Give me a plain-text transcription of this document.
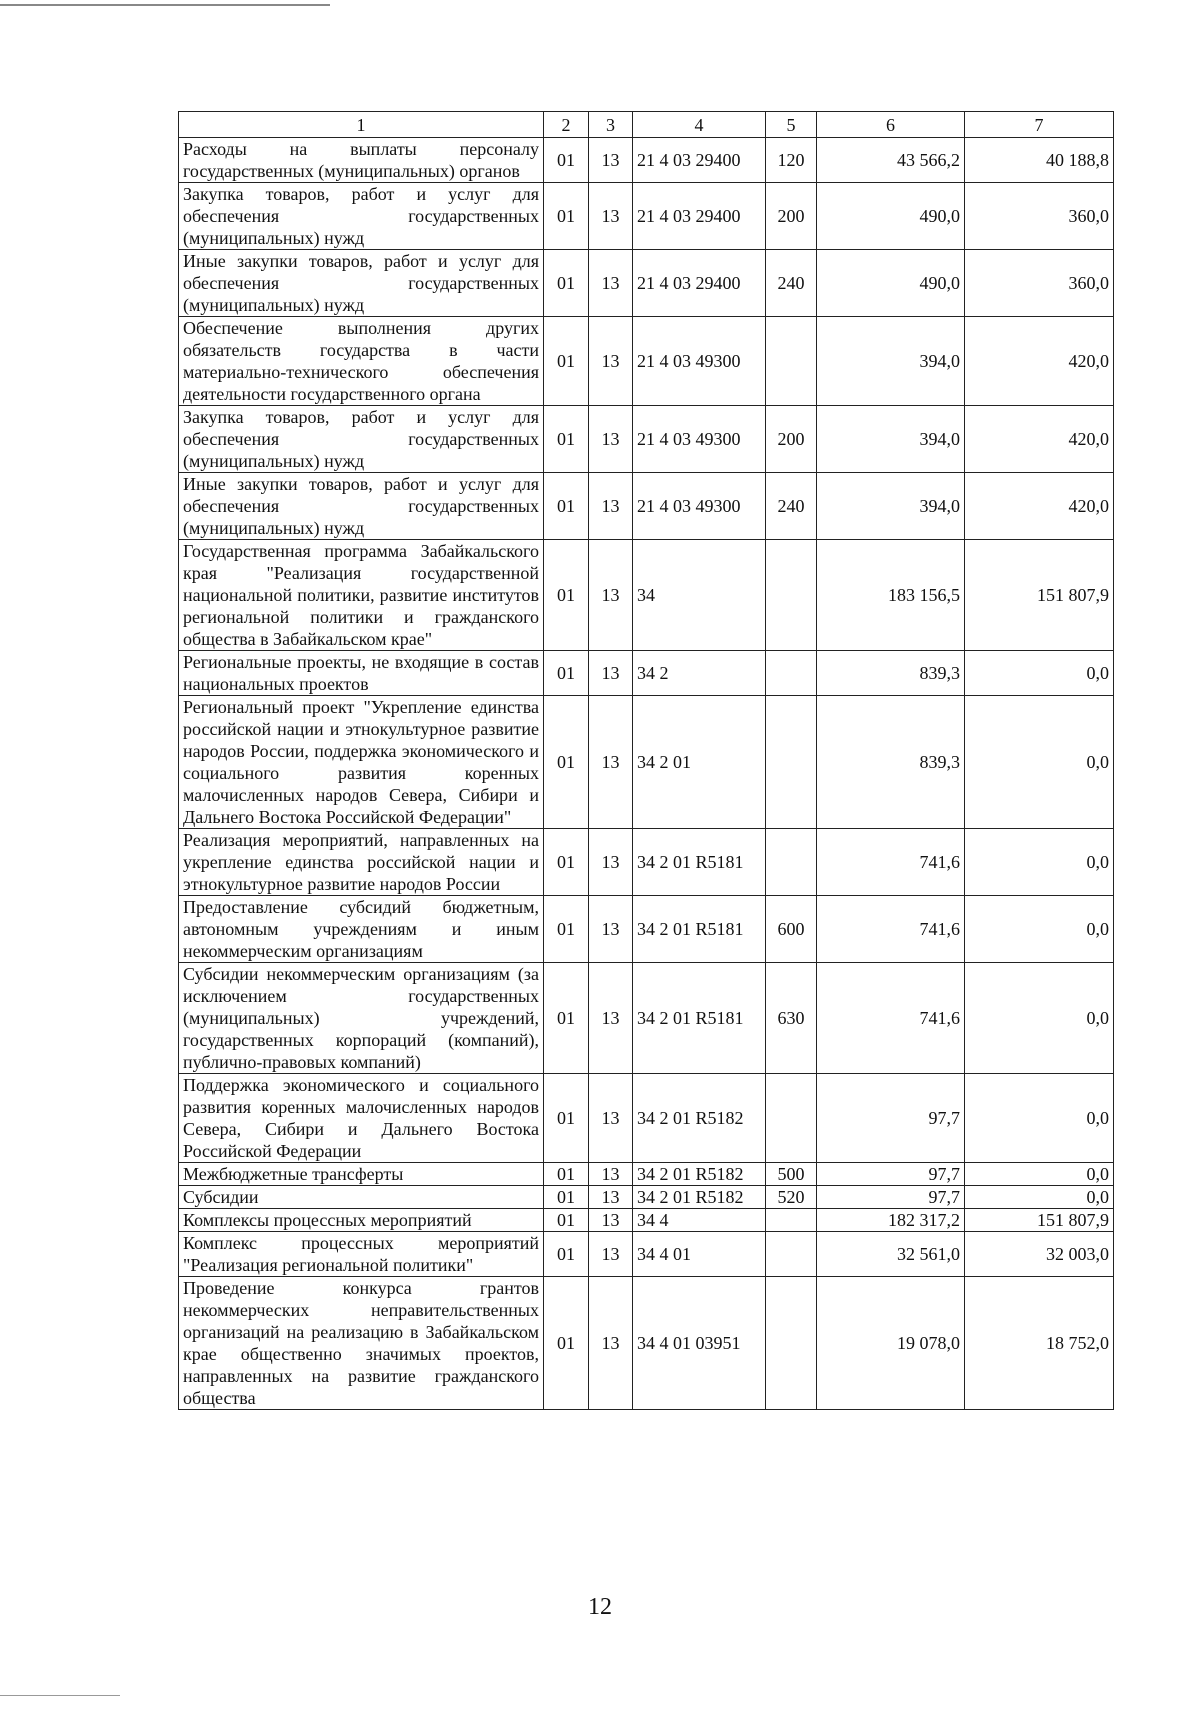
1	2	3	4	5	6	7
Расходы на выплаты персоналу государственных (муниципальных) органов	01	13	21 4 03 29400	120	43 566,2	40 188,8
Закупка товаров, работ и услуг для обеспечения государственных (муниципальных) нужд	01	13	21 4 03 29400	200	490,0	360,0
Иные закупки товаров, работ и услуг для обеспечения государственных (муниципальных) нужд	01	13	21 4 03 29400	240	490,0	360,0
Обеспечение выполнения других обязательств государства в части материально-технического обеспечения деятельности государственного органа	01	13	21 4 03 49300		394,0	420,0
Закупка товаров, работ и услуг для обеспечения государственных (муниципальных) нужд	01	13	21 4 03 49300	200	394,0	420,0
Иные закупки товаров, работ и услуг для обеспечения государственных (муниципальных) нужд	01	13	21 4 03 49300	240	394,0	420,0
Государственная программа Забайкальского края "Реализация государственной национальной политики, развитие институтов региональной политики и гражданского общества в Забайкальском крае"	01	13	34		183 156,5	151 807,9
Региональные проекты, не входящие в состав национальных проектов	01	13	34 2		839,3	0,0
Региональный проект "Укрепление единства российской нации и этнокультурное развитие народов России, поддержка экономического и социального развития коренных малочисленных народов Севера, Сибири и Дальнего Востока Российской Федерации"	01	13	34 2 01		839,3	0,0
Реализация мероприятий, направленных на укрепление единства российской нации и этнокультурное развитие народов России	01	13	34 2 01 R5181		741,6	0,0
Предоставление субсидий бюджетным, автономным учреждениям и иным некоммерческим организациям	01	13	34 2 01 R5181	600	741,6	0,0
Субсидии некоммерческим организациям (за исключением государственных (муниципальных) учреждений, государственных корпораций (компаний), публично-правовых компаний)	01	13	34 2 01 R5181	630	741,6	0,0
Поддержка экономического и социального развития коренных малочисленных народов Севера, Сибири и Дальнего Востока Российской Федерации	01	13	34 2 01 R5182		97,7	0,0
Межбюджетные трансферты	01	13	34 2 01 R5182	500	97,7	0,0
Субсидии	01	13	34 2 01 R5182	520	97,7	0,0
Комплексы процессных мероприятий	01	13	34 4		182 317,2	151 807,9
Комплекс процессных мероприятий "Реализация региональной политики"	01	13	34 4 01		32 561,0	32 003,0
Проведение конкурса грантов некоммерческих неправительственных организаций на реализацию в Забайкальском крае общественно значимых проектов, направленных на развитие гражданского общества	01	13	34 4 01 03951		19 078,0	18 752,0
12
